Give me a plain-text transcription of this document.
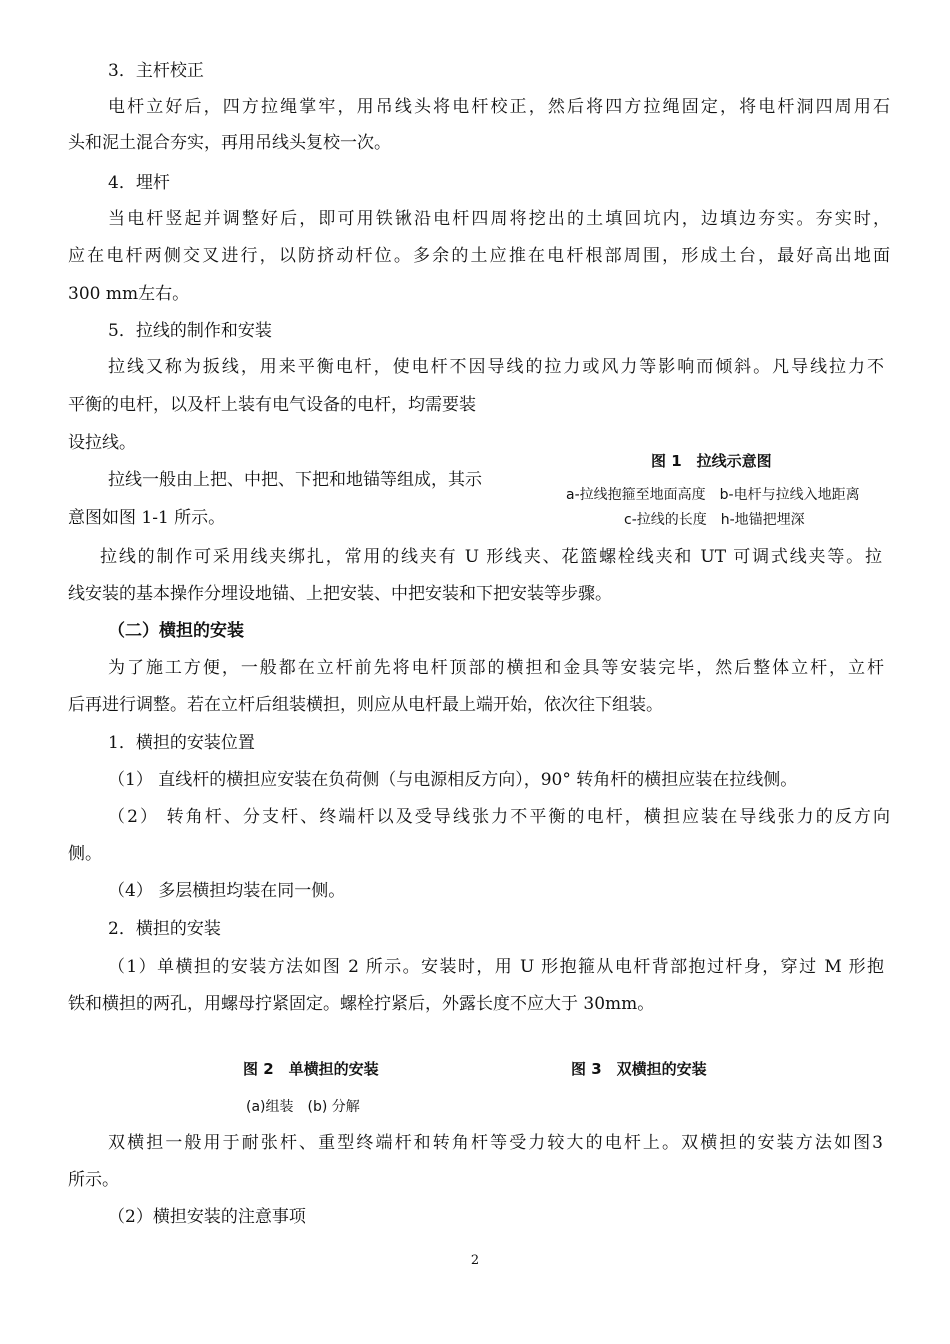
3．主杆校正
电杆立好后，四方拉绳掌牢，用吊线头将电杆校正，然后将四方拉绳固定，将电杆洞四周用石
头和泥土混合夯实，再用吊线头复校一次。
4．埋杆
当电杆竖起并调整好后，即可用铁锹沿电杆四周将挖出的土填回坑内，边填边夯实。夯实时，
应在电杆两侧交叉进行，以防挤动杆位。多余的土应推在电杆根部周围，形成土台，最好高出地面
300 mm左右。
5．拉线的制作和安装
拉线又称为扳线，用来平衡电杆，使电杆不因导线的拉力或风力等影响而倾斜。凡导线拉力不
平衡的电杆，以及杆上装有电气设备的电杆，均需要装
设拉线。
拉线一般由上把、中把、下把和地锚等组成，其示
意图如图 1-1 所示。
图 1　拉线示意图
a-拉线抱箍至地面高度　b-电杆与拉线入地距离
c-拉线的长度　h-地锚把埋深
拉线的制作可采用线夹绑扎，常用的线夹有 U 形线夹、花篮螺栓线夹和 UT 可调式线夹等。拉
线安装的基本操作分埋设地锚、上把安装、中把安装和下把安装等步骤。
（二）横担的安装
为了施工方便，一般都在立杆前先将电杆顶部的横担和金具等安装完毕，然后整体立杆，立杆
后再进行调整。若在立杆后组装横担，则应从电杆最上端开始，依次往下组装。
1．横担的安装位置
（1） 直线杆的横担应安装在负荷侧（与电源相反方向），90° 转角杆的横担应装在拉线侧。
（2） 转角杆、分支杆、终端杆以及受导线张力不平衡的电杆，横担应装在导线张力的反方向
侧。
（4） 多层横担均装在同一侧。
2．横担的安装
（1）单横担的安装方法如图 2 所示。安装时，用 U 形抱箍从电杆背部抱过杆身，穿过 M 形抱
铁和横担的两孔，用螺母拧紧固定。螺栓拧紧后，外露长度不应大于 30mm。
图 2　单横担的安装
(a)组装　(b) 分解
图 3　双横担的安装
双横担一般用于耐张杆、重型终端杆和转角杆等受力较大的电杆上。双横担的安装方法如图3
所示。
（2）横担安装的注意事项
2
